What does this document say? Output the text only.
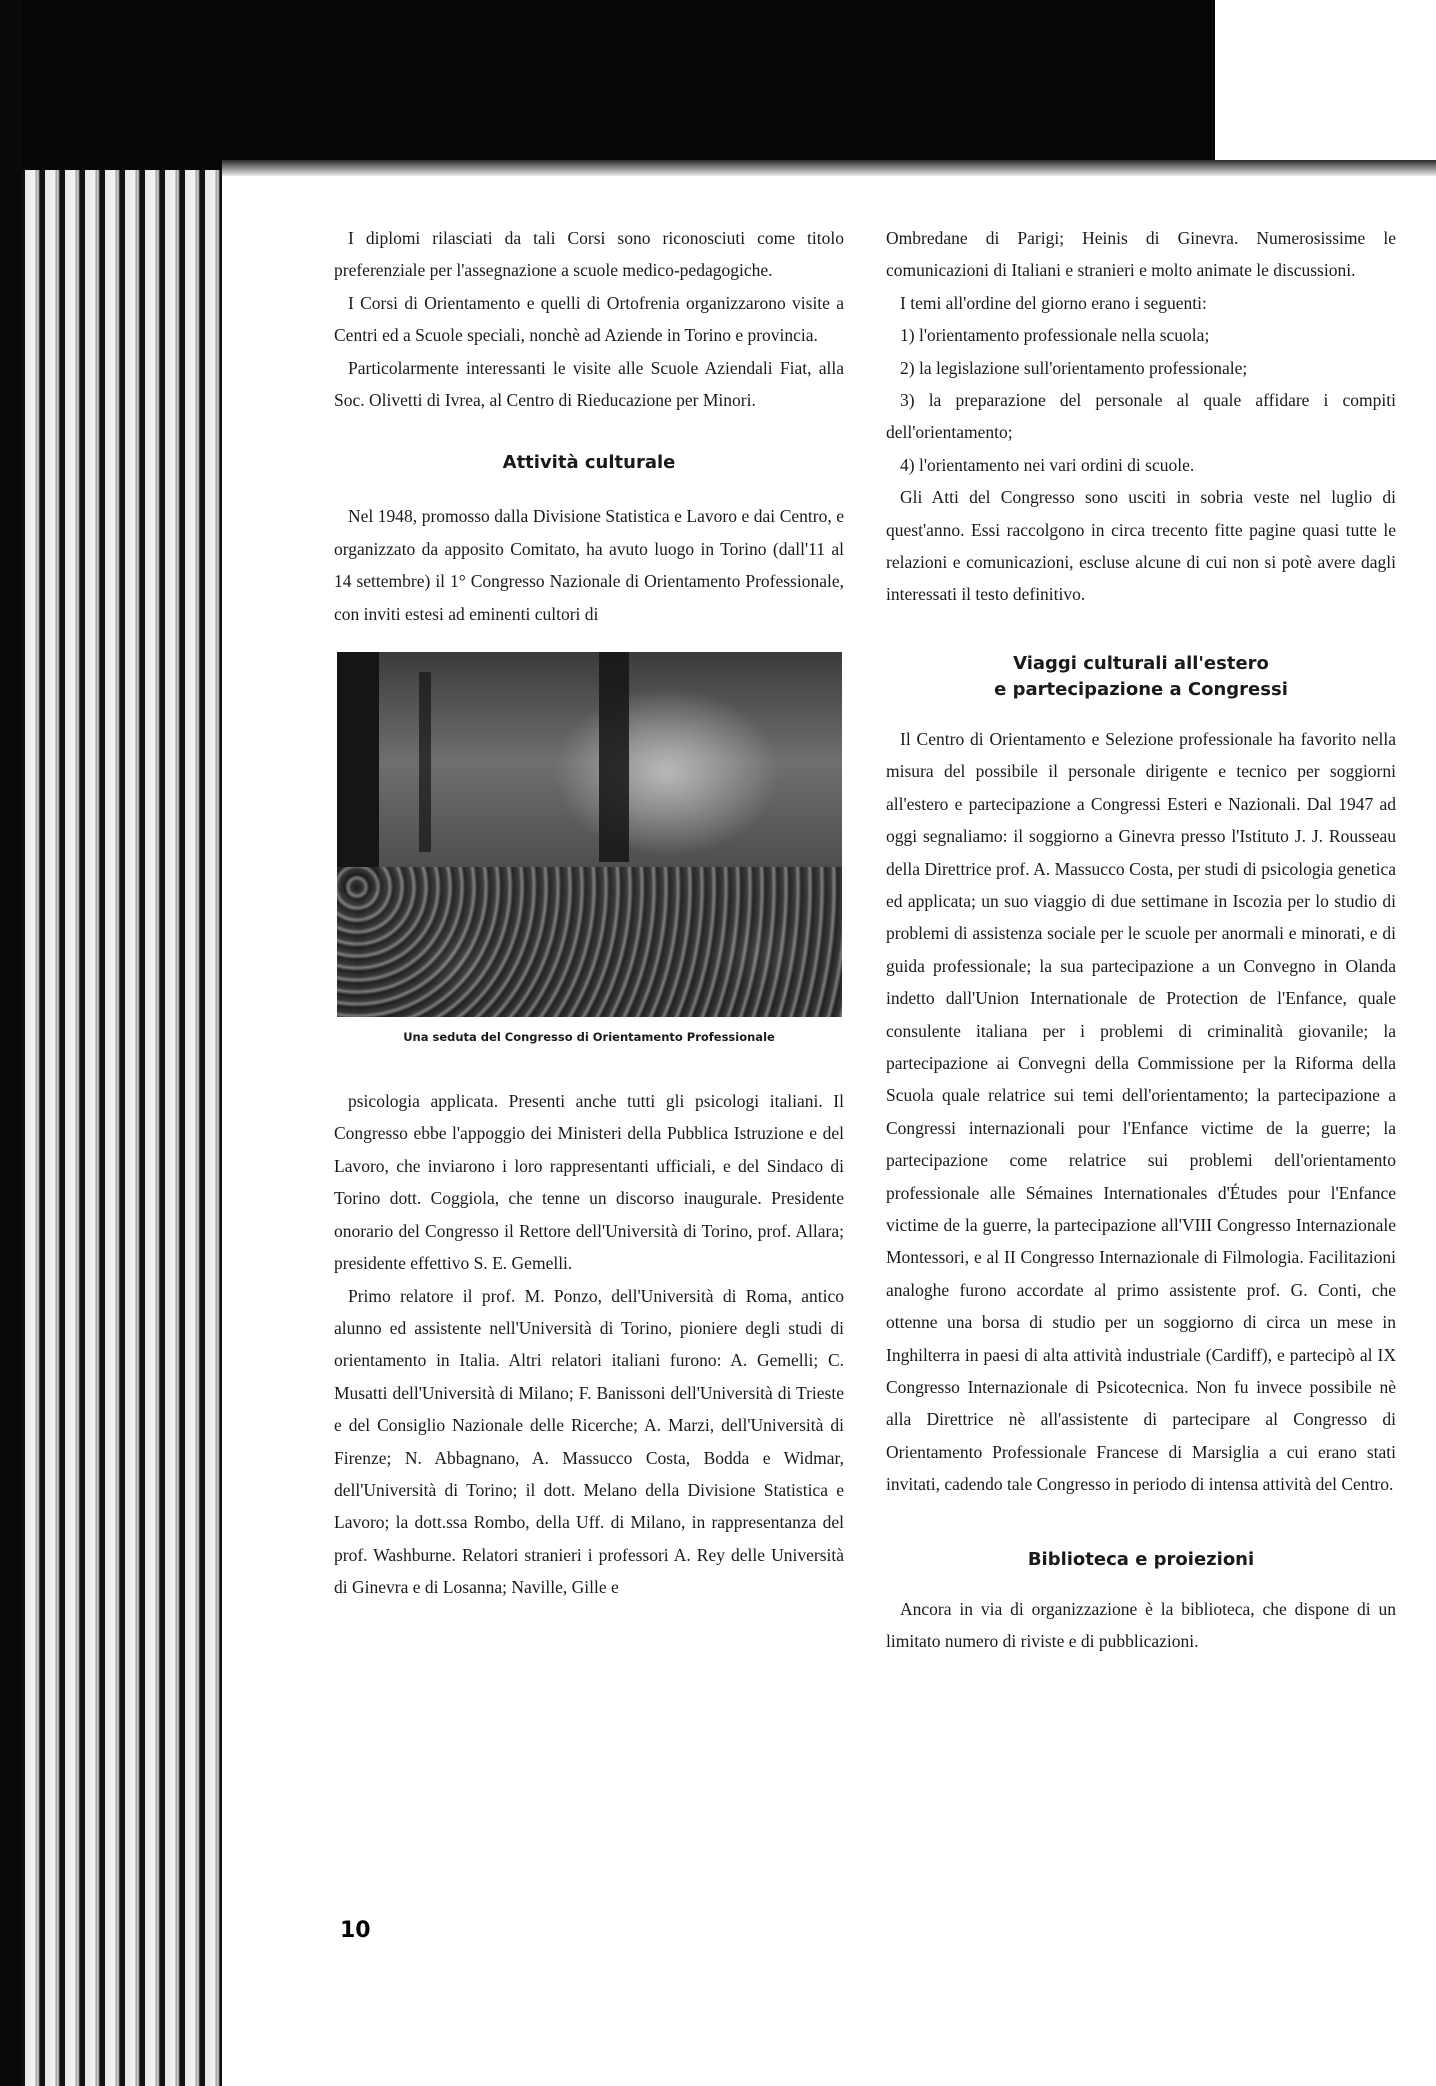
I diplomi rilasciati da tali Corsi sono riconosciuti come titolo preferenziale per l'assegnazione a scuole medico-pedagogiche.

I Corsi di Orientamento e quelli di Ortofrenia organizzarono visite a Centri ed a Scuole speciali, nonchè ad Aziende in Torino e provincia.

Particolarmente interessanti le visite alle Scuole Aziendali Fiat, alla Soc. Olivetti di Ivrea, al Centro di Rieducazione per Minori.

Attività culturale

Nel 1948, promosso dalla Divisione Statistica e Lavoro e dai Centro, e organizzato da apposito Comitato, ha avuto luogo in Torino (dall'11 al 14 settembre) il 1° Congresso Nazionale di Orientamento Professionale, con inviti estesi ad eminenti cultori di

Una seduta del Congresso di Orientamento Professionale

psicologia applicata. Presenti anche tutti gli psicologi italiani. Il Congresso ebbe l'appoggio dei Ministeri della Pubblica Istruzione e del Lavoro, che inviarono i loro rappresentanti ufficiali, e del Sindaco di Torino dott. Coggiola, che tenne un discorso inaugurale. Presidente onorario del Congresso il Rettore dell'Università di Torino, prof. Allara; presidente effettivo S. E. Gemelli.

Primo relatore il prof. M. Ponzo, dell'Università di Roma, antico alunno ed assistente nell'Università di Torino, pioniere degli studi di orientamento in Italia. Altri relatori italiani furono: A. Gemelli; C. Musatti dell'Università di Milano; F. Banissoni dell'Università di Trieste e del Consiglio Nazionale delle Ricerche; A. Marzi, dell'Università di Firenze; N. Abbagnano, A. Massucco Costa, Bodda e Widmar, dell'Università di Torino; il dott. Melano della Divisione Statistica e Lavoro; la dott.ssa Rombo, della Uff. di Milano, in rappresentanza del prof. Washburne. Relatori stranieri i professori A. Rey delle Università di Ginevra e di Losanna; Naville, Gille e

10

Ombredane di Parigi; Heinis di Ginevra. Numerosissime le comunicazioni di Italiani e stranieri e molto animate le discussioni.

I temi all'ordine del giorno erano i seguenti:

1) l'orientamento professionale nella scuola;

2) la legislazione sull'orientamento professionale;

3) la preparazione del personale al quale affidare i compiti dell'orientamento;

4) l'orientamento nei vari ordini di scuole.

Gli Atti del Congresso sono usciti in sobria veste nel luglio di quest'anno. Essi raccolgono in circa trecento fitte pagine quasi tutte le relazioni e comunicazioni, escluse alcune di cui non si potè avere dagli interessati il testo definitivo.

Viaggi culturali all'estero
e partecipazione a Congressi

Il Centro di Orientamento e Selezione professionale ha favorito nella misura del possibile il personale dirigente e tecnico per soggiorni all'estero e partecipazione a Congressi Esteri e Nazionali. Dal 1947 ad oggi segnaliamo: il soggiorno a Ginevra presso l'Istituto J. J. Rousseau della Direttrice prof. A. Massucco Costa, per studi di psicologia genetica ed applicata; un suo viaggio di due settimane in Iscozia per lo studio di problemi di assistenza sociale per le scuole per anormali e minorati, e di guida professionale; la sua partecipazione a un Convegno in Olanda indetto dall'Union Internationale de Protection de l'Enfance, quale consulente italiana per i problemi di criminalità giovanile; la partecipazione ai Convegni della Commissione per la Riforma della Scuola quale relatrice sui temi dell'orientamento; la partecipazione a Congressi internazionali pour l'Enfance victime de la guerre; la partecipazione come relatrice sui problemi dell'orientamento professionale alle Sémaines Internationales d'Études pour l'Enfance victime de la guerre, la partecipazione all'VIII Congresso Internazionale Montessori, e al II Congresso Internazionale di Filmologia. Facilitazioni analoghe furono accordate al primo assistente prof. G. Conti, che ottenne una borsa di studio per un soggiorno di circa un mese in Inghilterra in paesi di alta attività industriale (Cardiff), e partecipò al IX Congresso Internazionale di Psicotecnica. Non fu invece possibile nè alla Direttrice nè all'assistente di partecipare al Congresso di Orientamento Professionale Francese di Marsiglia a cui erano stati invitati, cadendo tale Congresso in periodo di intensa attività del Centro.

Biblioteca e proiezioni

Ancora in via di organizzazione è la biblioteca, che dispone di un limitato numero di riviste e di pubblicazioni.
